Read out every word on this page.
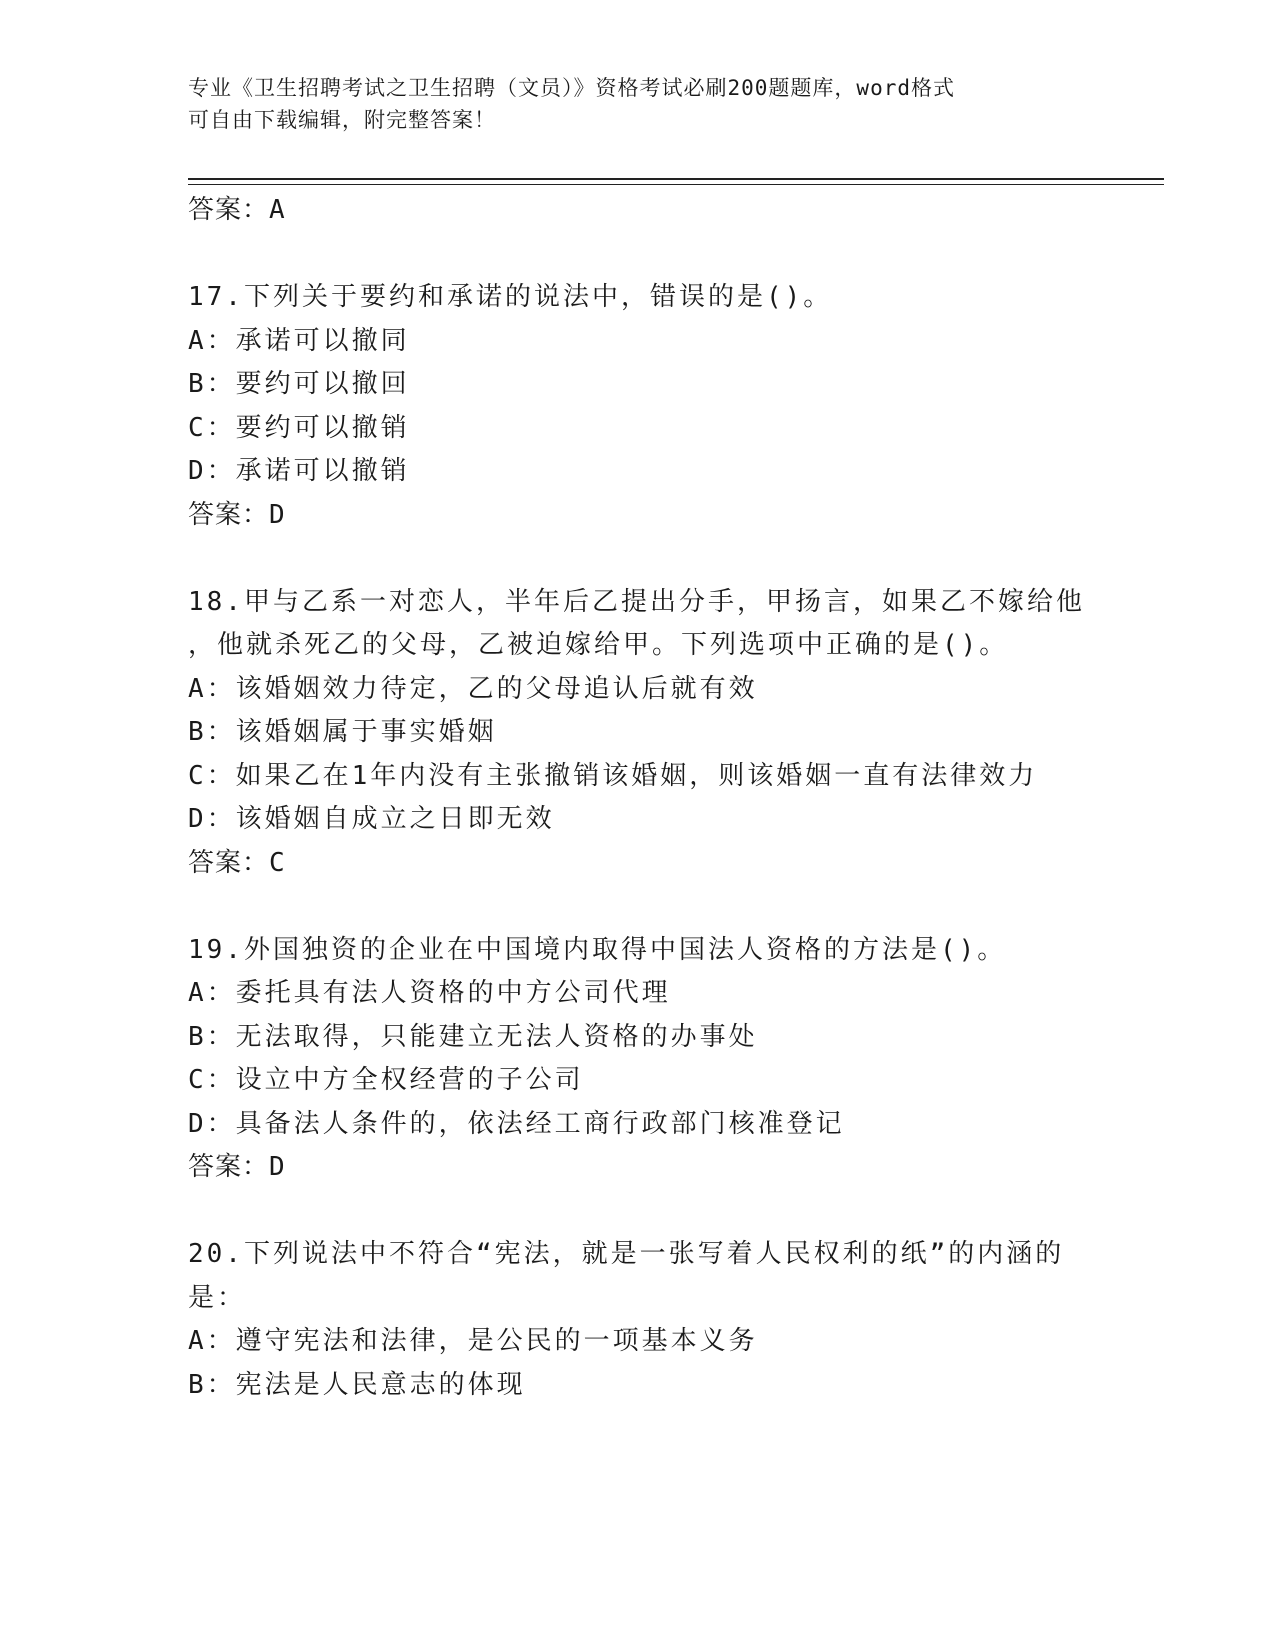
专业《卫生招聘考试之卫生招聘（文员）》资格考试必刷200题题库，word格式
可自由下载编辑，附完整答案！
答案：A
17.下列关于要约和承诺的说法中，错误的是()。
A：承诺可以撤同
B：要约可以撤回
C：要约可以撤销
D：承诺可以撤销
答案：D
18.甲与乙系一对恋人，半年后乙提出分手，甲扬言，如果乙不嫁给他
，他就杀死乙的父母，乙被迫嫁给甲。下列选项中正确的是()。
A：该婚姻效力待定，乙的父母追认后就有效
B：该婚姻属于事实婚姻
C：如果乙在1年内没有主张撤销该婚姻，则该婚姻一直有法律效力
D：该婚姻自成立之日即无效
答案：C
19.外国独资的企业在中国境内取得中国法人资格的方法是()。
A：委托具有法人资格的中方公司代理
B：无法取得，只能建立无法人资格的办事处
C：设立中方全权经营的子公司
D：具备法人条件的，依法经工商行政部门核准登记
答案：D
20.下列说法中不符合“宪法，就是一张写着人民权利的纸”的内涵的
是：
A：遵守宪法和法律，是公民的一项基本义务
B：宪法是人民意志的体现
